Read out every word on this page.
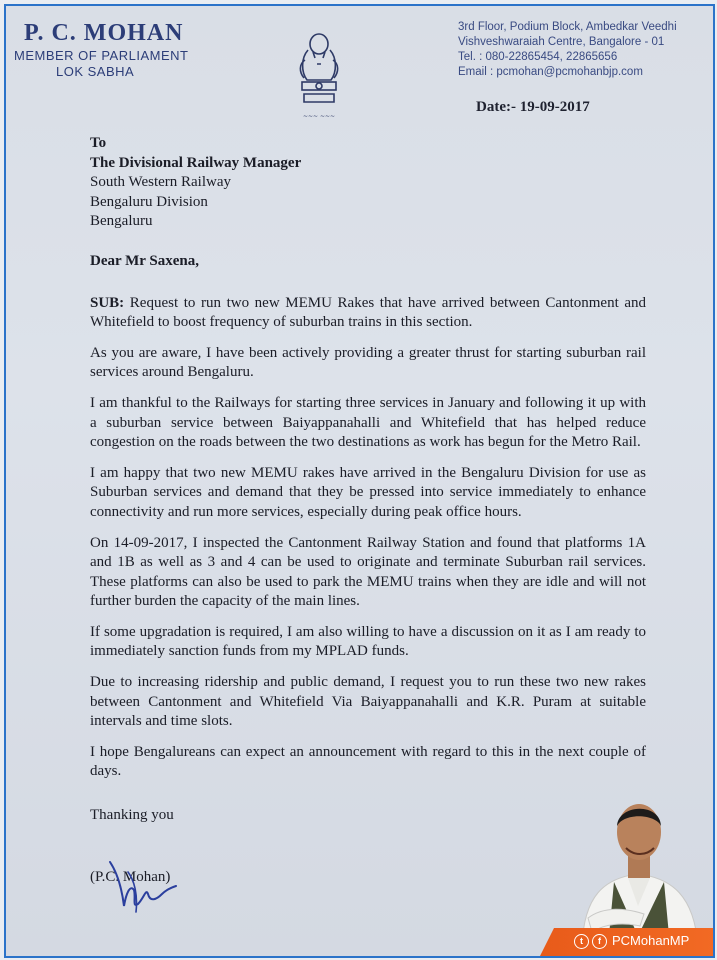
P. C. MOHAN
MEMBER OF PARLIAMENT
LOK SABHA
~~~ ~~~
3rd Floor, Podium Block, Ambedkar Veedhi
Vishveshwaraiah Centre, Bangalore - 01
Tel. : 080-22865454, 22865656
Email : pcmohan@pcmohanbjp.com
Date:- 19-09-2017

To

The Divisional Railway Manager

South Western Railway

Bengaluru Division

Bengaluru

Dear Mr Saxena,

SUB: Request to run two new MEMU Rakes that have arrived between Cantonment and Whitefield to boost frequency of suburban trains in this section.

As you are aware, I have been actively providing a greater thrust for starting suburban rail services around Bengaluru.

I am thankful to the Railways for starting three services in January and following it up with a suburban service between Baiyappanahalli and Whitefield that has helped reduce congestion on the roads between the two destinations as work has begun for the Metro Rail.

I am happy that two new MEMU rakes have arrived in the Bengaluru Division for use as Suburban services and demand that they be pressed into service immediately to enhance connectivity and run more services, especially during peak office hours.

On 14-09-2017, I inspected the Cantonment Railway Station and found that platforms 1A and 1B as well as 3 and 4 can be used to originate and terminate Suburban rail services. These platforms can also be used to park the MEMU trains when they are idle and will not further burden the capacity of the main lines.

If some upgradation is required, I am also willing to have a discussion on it as I am ready to immediately sanction funds from my MPLAD funds.

Due to increasing ridership and public demand, I request you to run these two new rakes between Cantonment and Whitefield Via Baiyappanahalli and K.R. Puram at suitable intervals and time slots.

I hope Bengalureans can expect an announcement with regard to this in the next couple of days.

Thanking you

(P.C. Mohan)

t	f PCMohanMP
